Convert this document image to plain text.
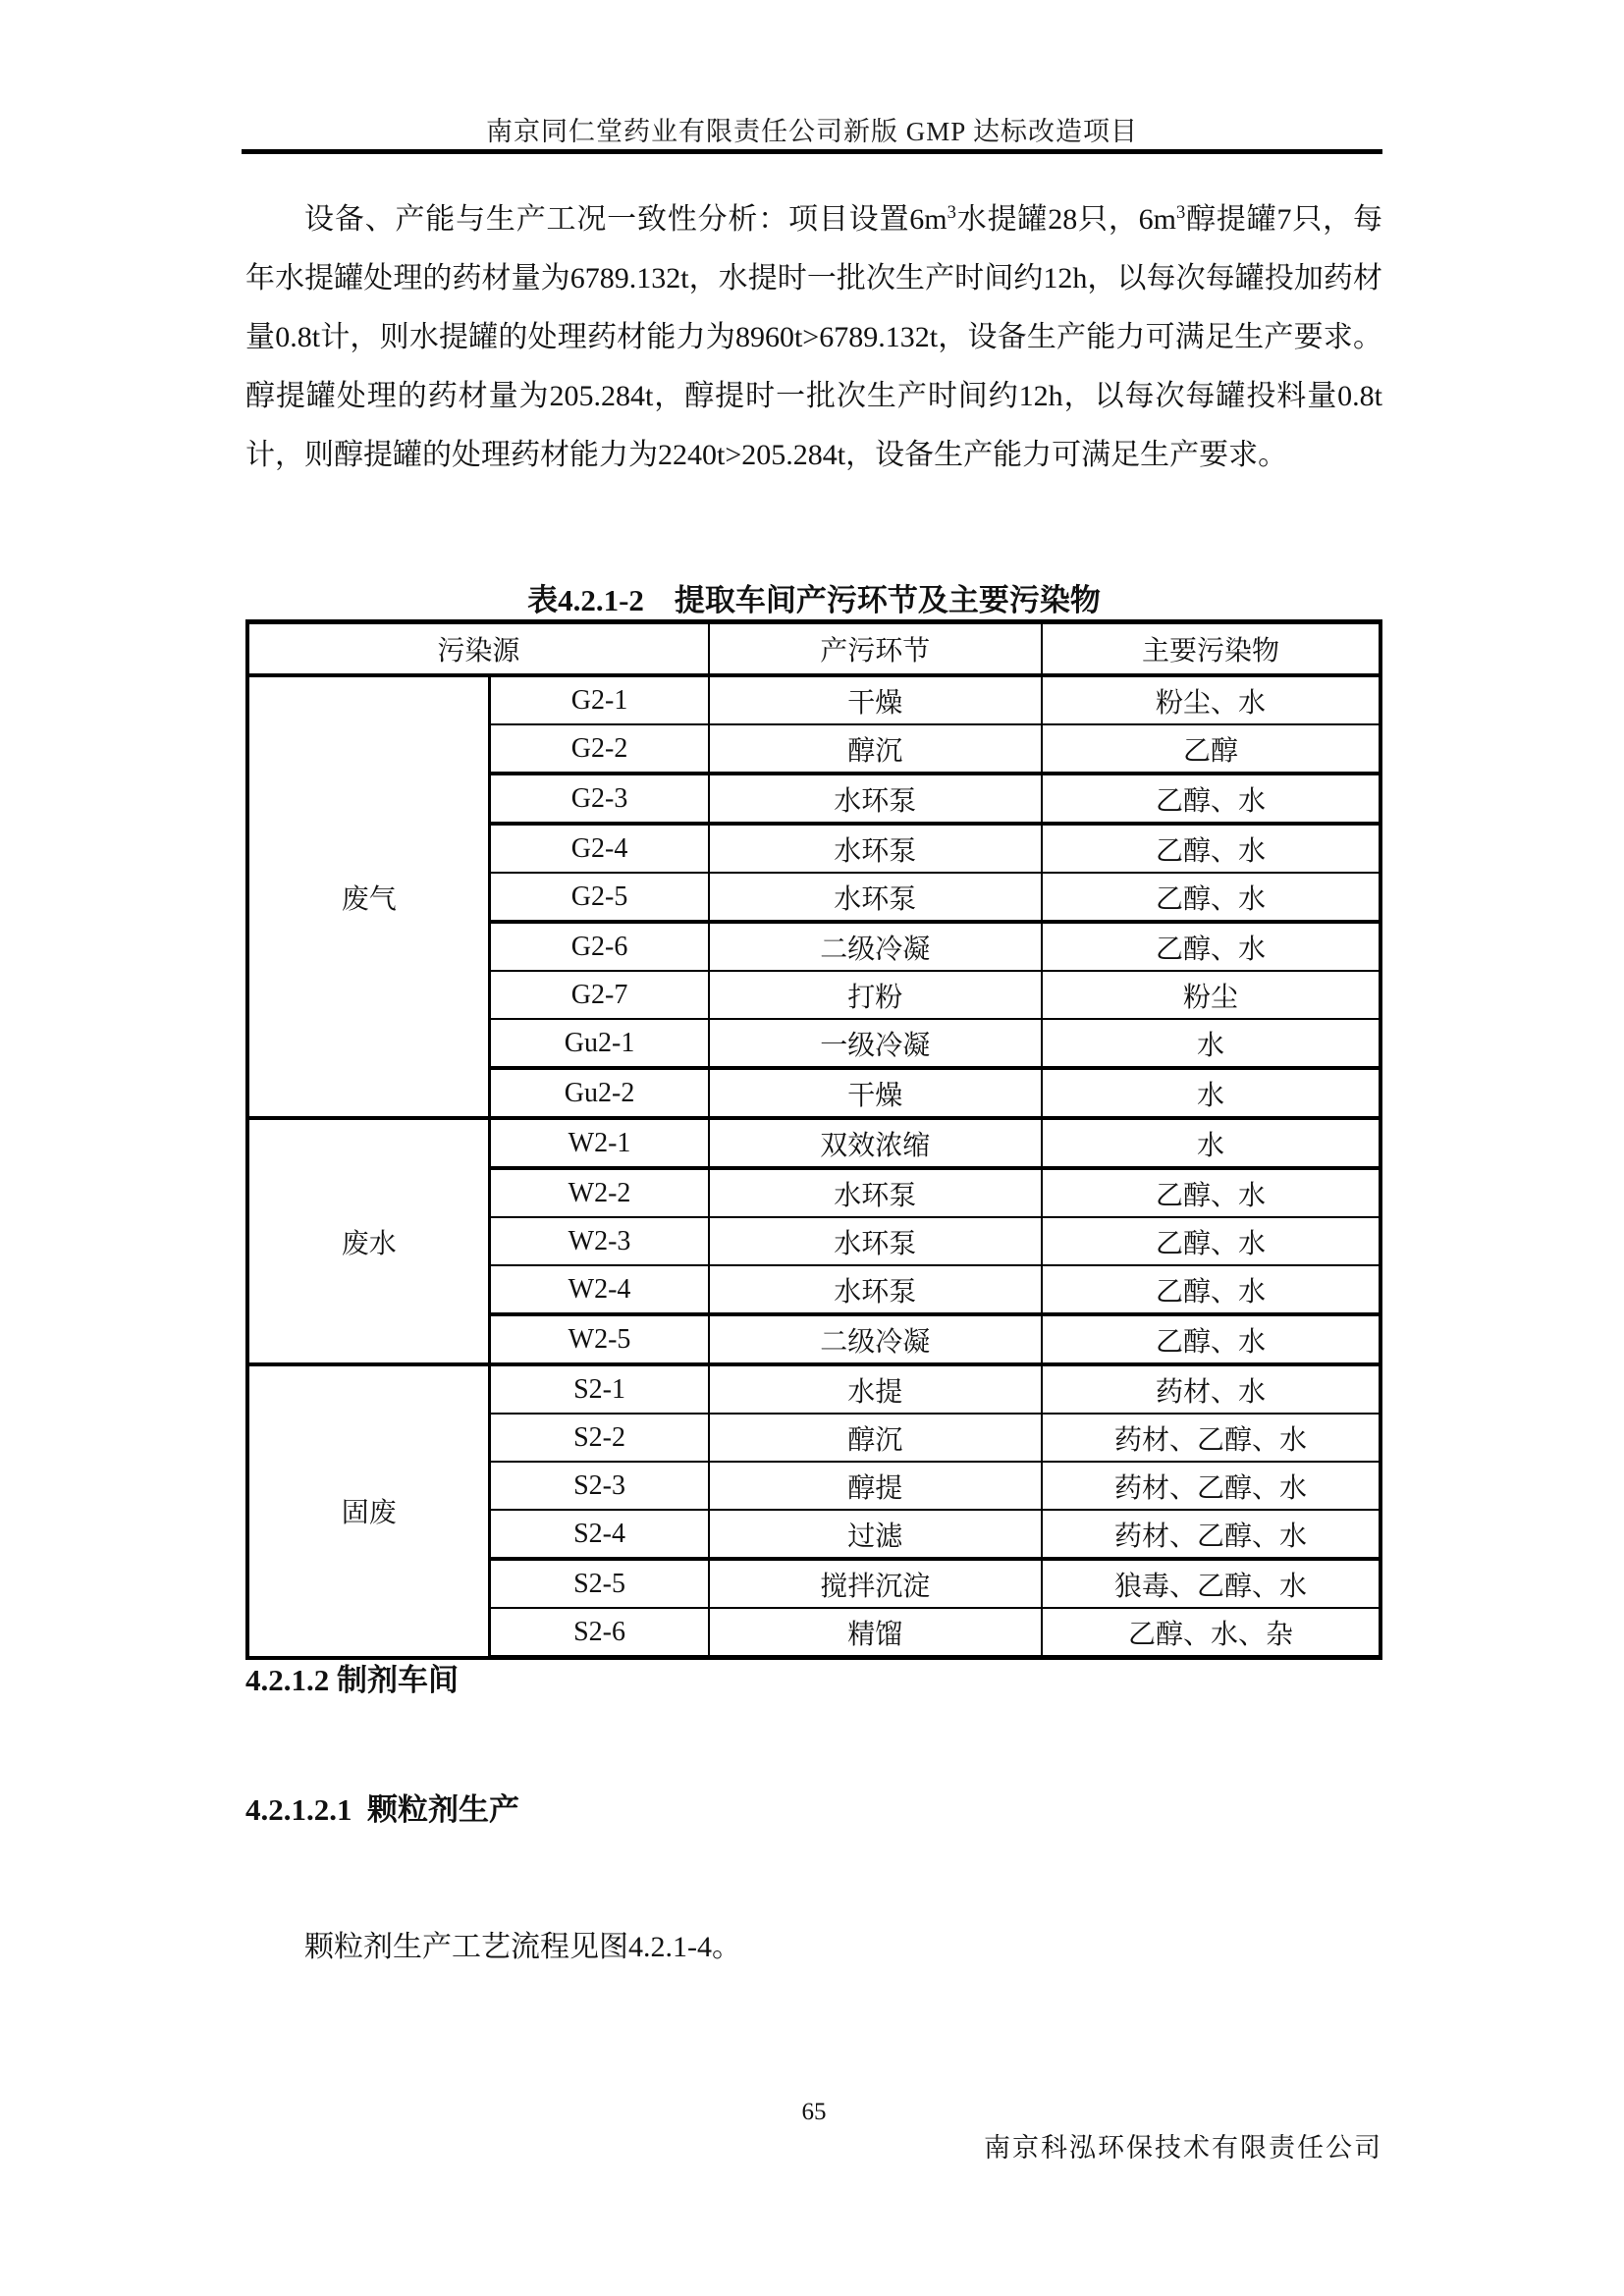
南京同仁堂药业有限责任公司新版 GMP 达标改造项目
设备、产能与生产工况一致性分析：项目设置$6m^3$水提罐28只，$6m^3$醇提罐7只，每年水提罐处理的药材量为6789.132t，水提时一批次生产时间约12h，以每次每罐投加药材量0.8t计，则水提罐的处理药材能力为8960t>6789.132t，设备生产能力可满足生产要求。醇提罐处理的药材量为205.284t，醇提时一批次生产时间约12h，以每次每罐投料量0.8t计，则醇提罐的处理药材能力为2240t>205.284t，设备生产能力可满足生产要求。
表4.2.1-2　提取车间产污环节及主要污染物
污染源		产污环节	主要污染物
废气	G2-1	干燥	粉尘、水
	G2-2	醇沉	乙醇
	G2-3	水环泵	乙醇、水
	G2-4	水环泵	乙醇、水
	G2-5	水环泵	乙醇、水
	G2-6	二级冷凝	乙醇、水
	G2-7	打粉	粉尘
	Gu2-1	一级冷凝	水
	Gu2-2	干燥	水
废水	W2-1	双效浓缩	水
	W2-2	水环泵	乙醇、水
	W2-3	水环泵	乙醇、水
	W2-4	水环泵	乙醇、水
	W2-5	二级冷凝	乙醇、水
固废	S2-1	水提	药材、水
	S2-2	醇沉	药材、乙醇、水
	S2-3	醇提	药材、乙醇、水
	S2-4	过滤	药材、乙醇、水
	S2-5	搅拌沉淀	狼毒、乙醇、水
	S2-6	精馏	乙醇、水、杂
4.2.1.2 制剂车间
4.2.1.2.1  颗粒剂生产
颗粒剂生产工艺流程见图4.2.1-4。
65
南京科泓环保技术有限责任公司
